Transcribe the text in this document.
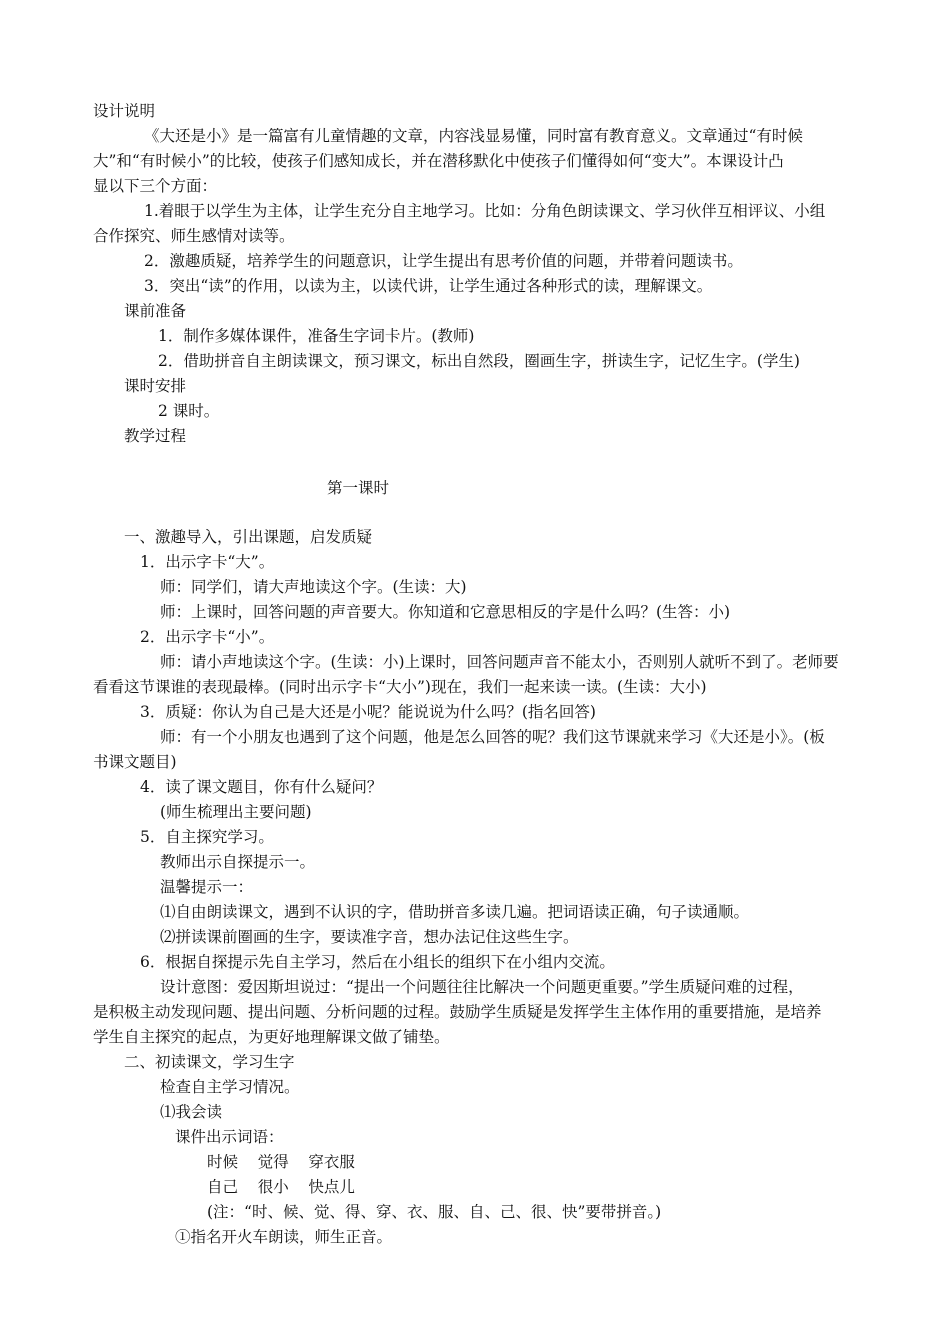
设计说明
《大还是小》是一篇富有儿童情趣的文章，内容浅显易懂，同时富有教育意义。文章通过“有时候
大”和“有时候小”的比较，使孩子们感知成长，并在潜移默化中使孩子们懂得如何“变大”。本课设计凸
显以下三个方面：
1.着眼于以学生为主体，让学生充分自主地学习。比如：分角色朗读课文、学习伙伴互相评议、小组
合作探究、师生感情对读等。
2．激趣质疑，培养学生的问题意识，让学生提出有思考价值的问题，并带着问题读书。
3．突出“读”的作用，以读为主，以读代讲，让学生通过各种形式的读，理解课文。
课前准备
1．制作多媒体课件，准备生字词卡片。(教师)
2．借助拼音自主朗读课文，预习课文，标出自然段，圈画生字，拼读生字，记忆生字。(学生)
课时安排
2 课时。
教学过程
第一课时
一、激趣导入，引出课题，启发质疑
1．出示字卡“大”。
师：同学们，请大声地读这个字。(生读：大)
师：上课时，回答问题的声音要大。你知道和它意思相反的字是什么吗？(生答：小)
2．出示字卡“小”。
师：请小声地读这个字。(生读：小)上课时，回答问题声音不能太小，否则别人就听不到了。老师要
看看这节课谁的表现最棒。(同时出示字卡“大小”)现在，我们一起来读一读。(生读：大小)
3．质疑：你认为自己是大还是小呢？能说说为什么吗？(指名回答)
师：有一个小朋友也遇到了这个问题，他是怎么回答的呢？我们这节课就来学习《大还是小》。(板
书课文题目)
4．读了课文题目，你有什么疑问？
(师生梳理出主要问题)
5．自主探究学习。
教师出示自探提示一。
温馨提示一：
⑴自由朗读课文，遇到不认识的字，借助拼音多读几遍。把词语读正确，句子读通顺。
⑵拼读课前圈画的生字，要读准字音，想办法记住这些生字。
6．根据自探提示先自主学习，然后在小组长的组织下在小组内交流。
设计意图：爱因斯坦说过：“提出一个问题往往比解决一个问题更重要。”学生质疑问难的过程，
是积极主动发现问题、提出问题、分析问题的过程。鼓励学生质疑是发挥学生主体作用的重要措施，是培养
学生自主探究的起点，为更好地理解课文做了铺垫。
二、初读课文，学习生字
检查自主学习情况。
⑴我会读
课件出示词语：
时候    觉得    穿衣服
自己    很小    快点儿
(注：“时、候、觉、得、穿、衣、服、自、己、很、快”要带拼音。)
①指名开火车朗读，师生正音。
